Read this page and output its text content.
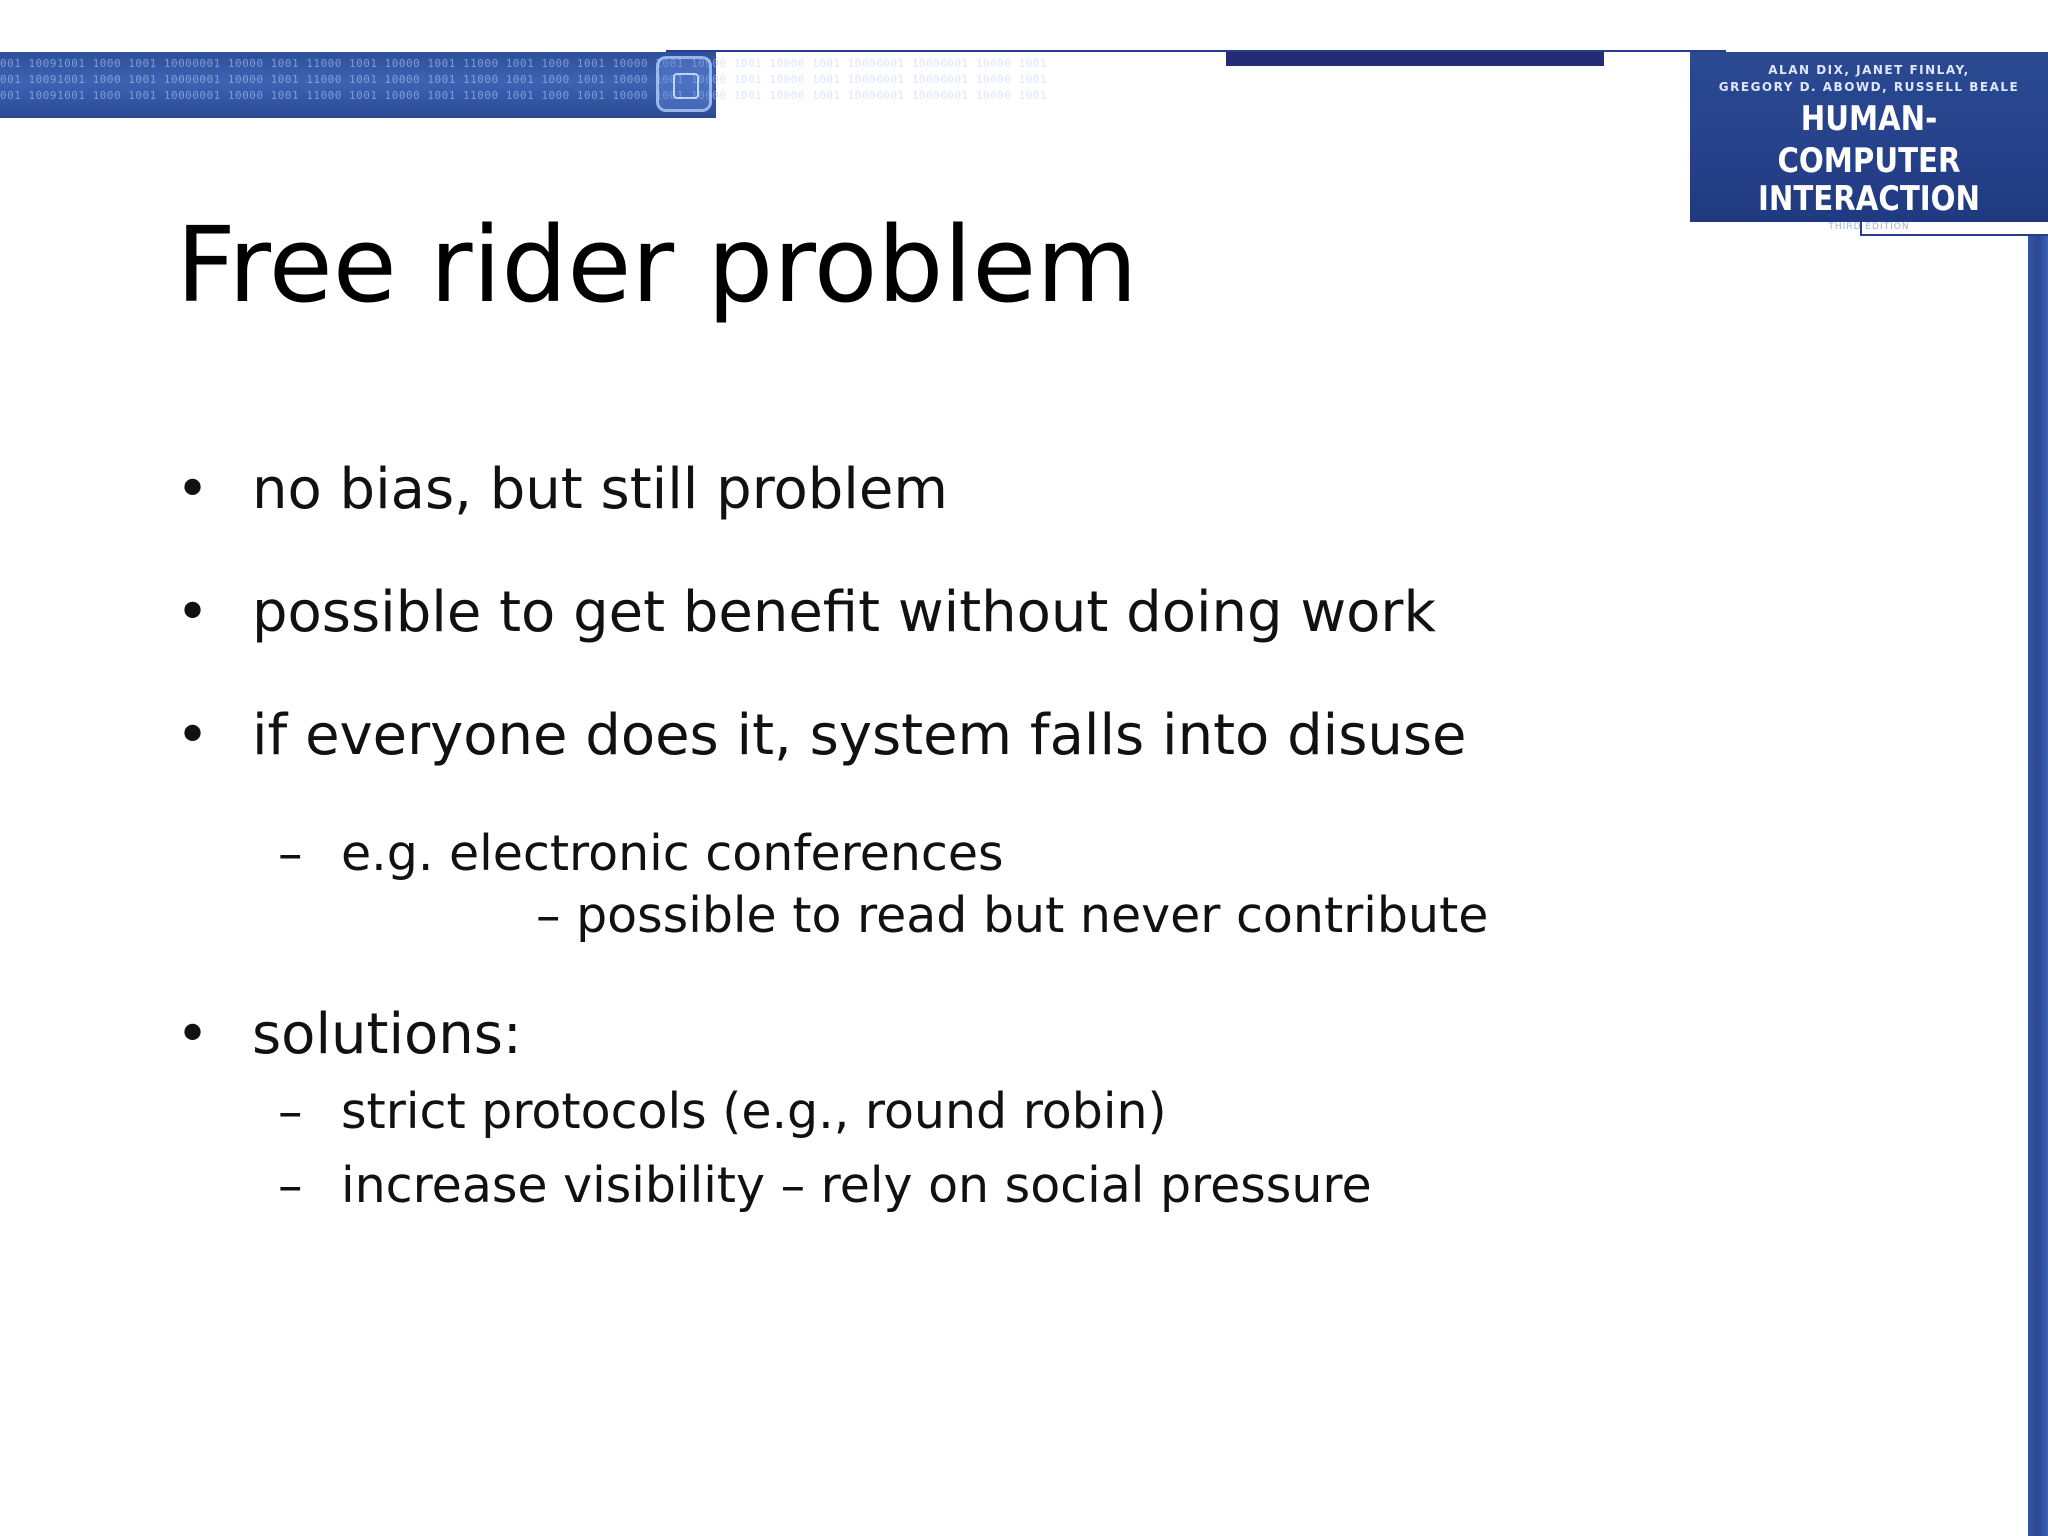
001 10091001 1000 1001 10000001 10000 1001 11000 1001 10000 1001 11000 1001 1000 1001 10000 1001 10000 1001 10000 1001 10000001 10000001 10000 1001
001 10091001 1000 1001 10000001 10000 1001 11000 1001 10000 1001 11000 1001 1000 1001 10000 1001 10000 1001 10000 1001 10000001 10000001 10000 1001
001 10091001 1000 1001 10000001 10000 1001 11000 1001 10000 1001 11000 1001 1000 1001 10000 1001 10000 1001 10000 1001 10000001 10000001 10000 1001
ALAN DIX, JANET FINLAY,
GREGORY D. ABOWD, RUSSELL BEALE
HUMAN-COMPUTER
INTERACTION
THIRD EDITION
Free rider problem
• no bias, but still problem
• possible to get benefit without doing work
• if everyone does it, system falls into disuse
– e.g. electronic conferences
– possible to read but never contribute
• solutions:
– strict protocols (e.g., round robin)
– increase visibility – rely on social pressure
